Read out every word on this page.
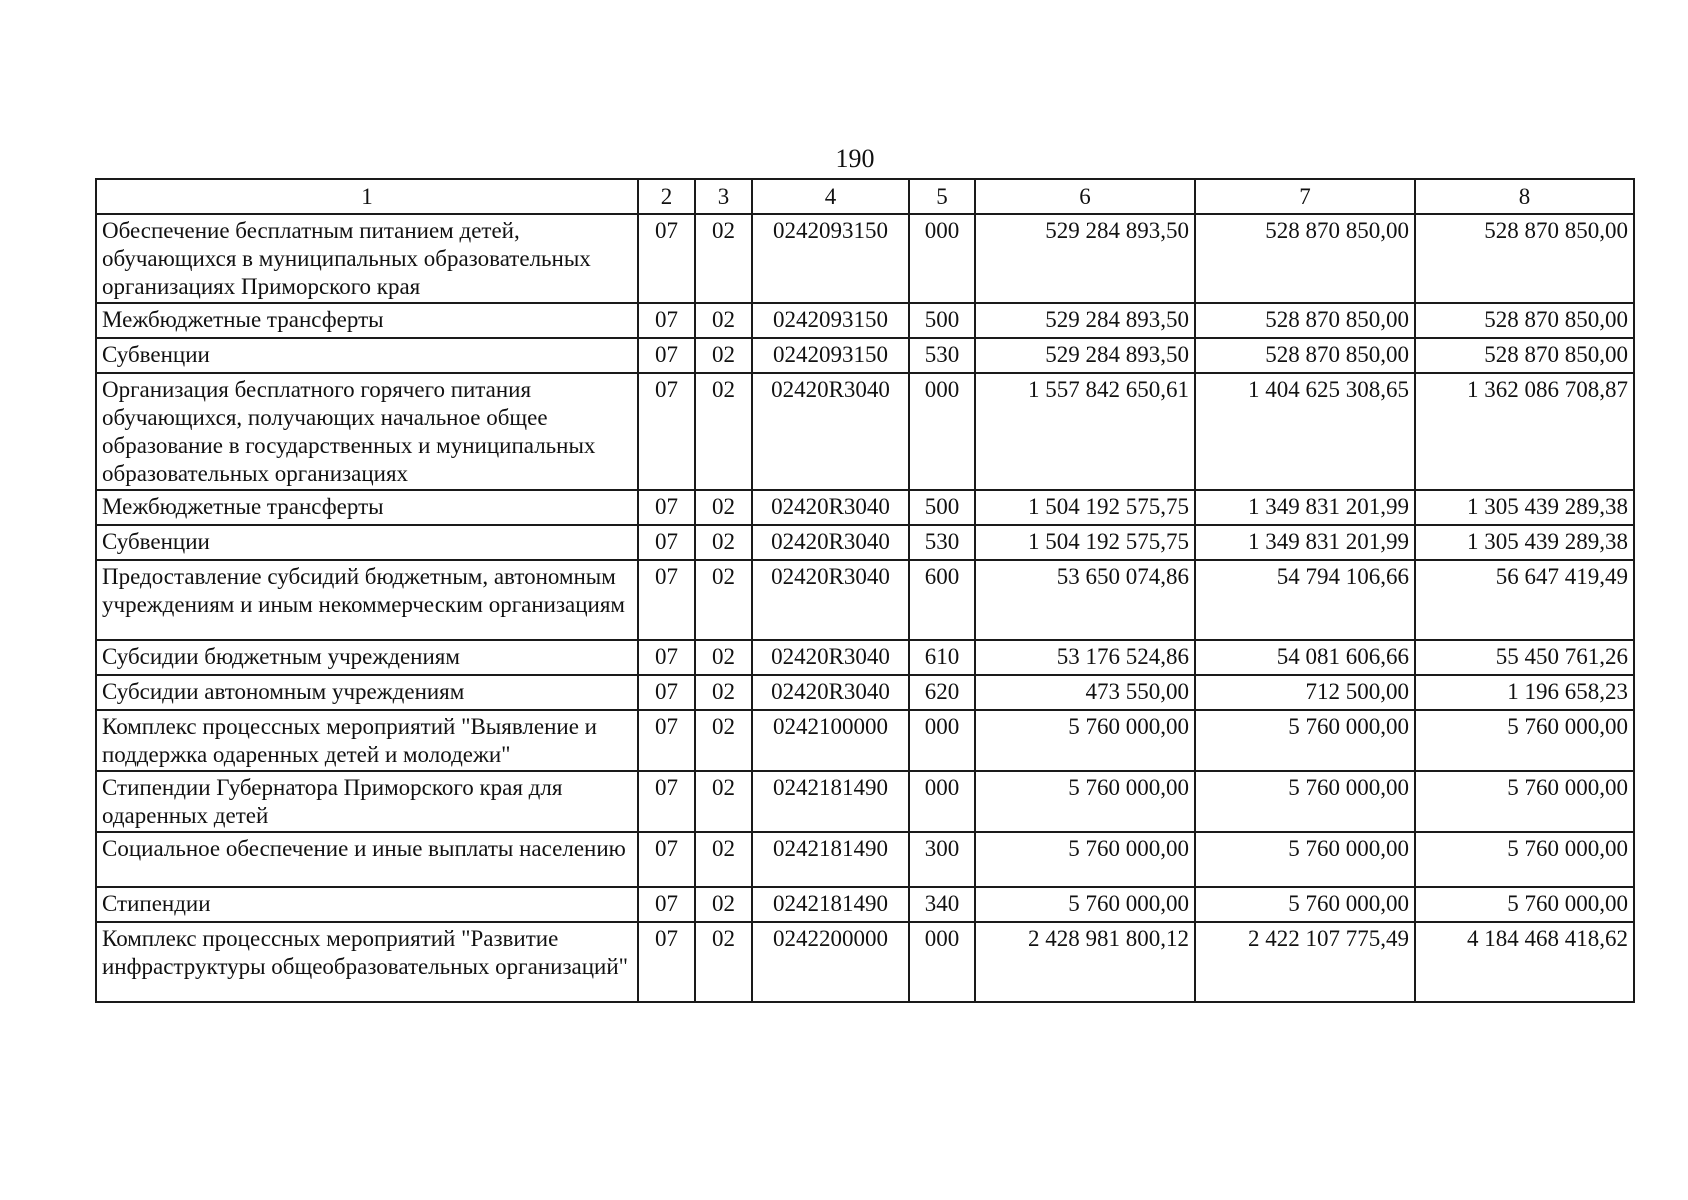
190
1	2	3	4	5	6	7	8
Обеспечение бесплатным питанием детей, обучающихся в муниципальных образовательных организациях Приморского края	07	02	0242093150	000	529 284 893,50	528 870 850,00	528 870 850,00
Межбюджетные трансферты	07	02	0242093150	500	529 284 893,50	528 870 850,00	528 870 850,00
Субвенции	07	02	0242093150	530	529 284 893,50	528 870 850,00	528 870 850,00
Организация бесплатного горячего питания обучающихся, получающих начальное общее образование в государственных и муниципальных образовательных организациях	07	02	02420R3040	000	1 557 842 650,61	1 404 625 308,65	1 362 086 708,87
Межбюджетные трансферты	07	02	02420R3040	500	1 504 192 575,75	1 349 831 201,99	1 305 439 289,38
Субвенции	07	02	02420R3040	530	1 504 192 575,75	1 349 831 201,99	1 305 439 289,38
Предоставление субсидий бюджетным, автономным учреждениям и иным некоммерческим организациям	07	02	02420R3040	600	53 650 074,86	54 794 106,66	56 647 419,49
Субсидии бюджетным учреждениям	07	02	02420R3040	610	53 176 524,86	54 081 606,66	55 450 761,26
Субсидии автономным учреждениям	07	02	02420R3040	620	473 550,00	712 500,00	1 196 658,23
Комплекс процессных мероприятий "Выявление и поддержка одаренных детей и молодежи"	07	02	0242100000	000	5 760 000,00	5 760 000,00	5 760 000,00
Стипендии Губернатора Приморского края для одаренных детей	07	02	0242181490	000	5 760 000,00	5 760 000,00	5 760 000,00
Социальное обеспечение и иные выплаты населению	07	02	0242181490	300	5 760 000,00	5 760 000,00	5 760 000,00
Стипендии	07	02	0242181490	340	5 760 000,00	5 760 000,00	5 760 000,00
Комплекс процессных мероприятий "Развитие инфраструктуры общеобразовательных организаций"	07	02	0242200000	000	2 428 981 800,12	2 422 107 775,49	4 184 468 418,62
